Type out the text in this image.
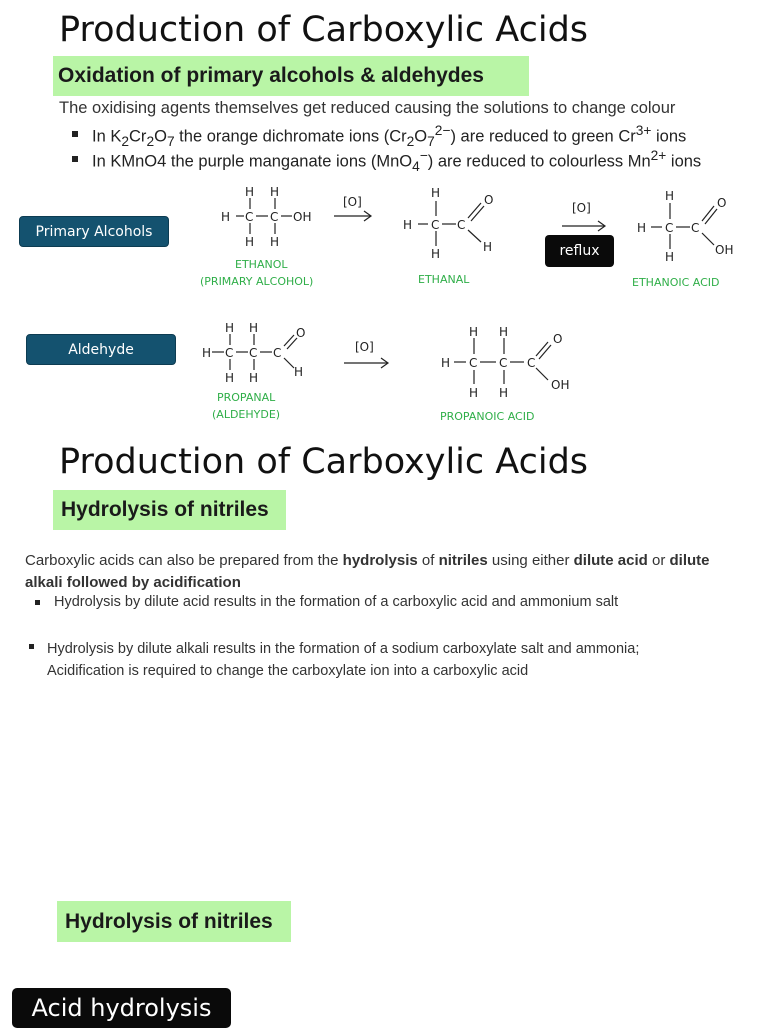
Production of Carboxylic Acids
Oxidation of primary alcohols & aldehydes
The oxidising agents themselves get reduced causing the solutions to change colour
In $K_2Cr_2O_7$ the orange dichromate ions $(Cr_2O_7^{2-})$ are reduced to green $Cr^{3+}$ ions
In KMnO4 the purple manganate ions (MnO$_4$−) are reduced to colourless $Mn^{2+}$ ions
Primary Alcohols
Aldehyde
reflux
H C C OH
H H
H H
ETHANOL
(PRIMARY ALCOHOL)
[O]
H C C
H
H
O
H
ETHANAL
[O]
H C C
H
H
O
OH
ETHANOIC ACID
H C C C
H H
H H
O
H
PROPANAL
(ALDEHYDE)
[O]
H C C C
H H
H H
O
OH
PROPANOIC ACID
Production of Carboxylic Acids
Hydrolysis of nitriles
Carboxylic acids can also be prepared from the hydrolysis of nitriles using either dilute acid or dilute
alkali followed by acidification
Hydrolysis by dilute acid results in the formation of a carboxylic acid and ammonium salt
Hydrolysis by dilute alkali results in the formation of a sodium carboxylate salt and ammonia;
Acidification is required to change the carboxylate ion into a carboxylic acid
Hydrolysis of nitriles
Acid hydrolysis
